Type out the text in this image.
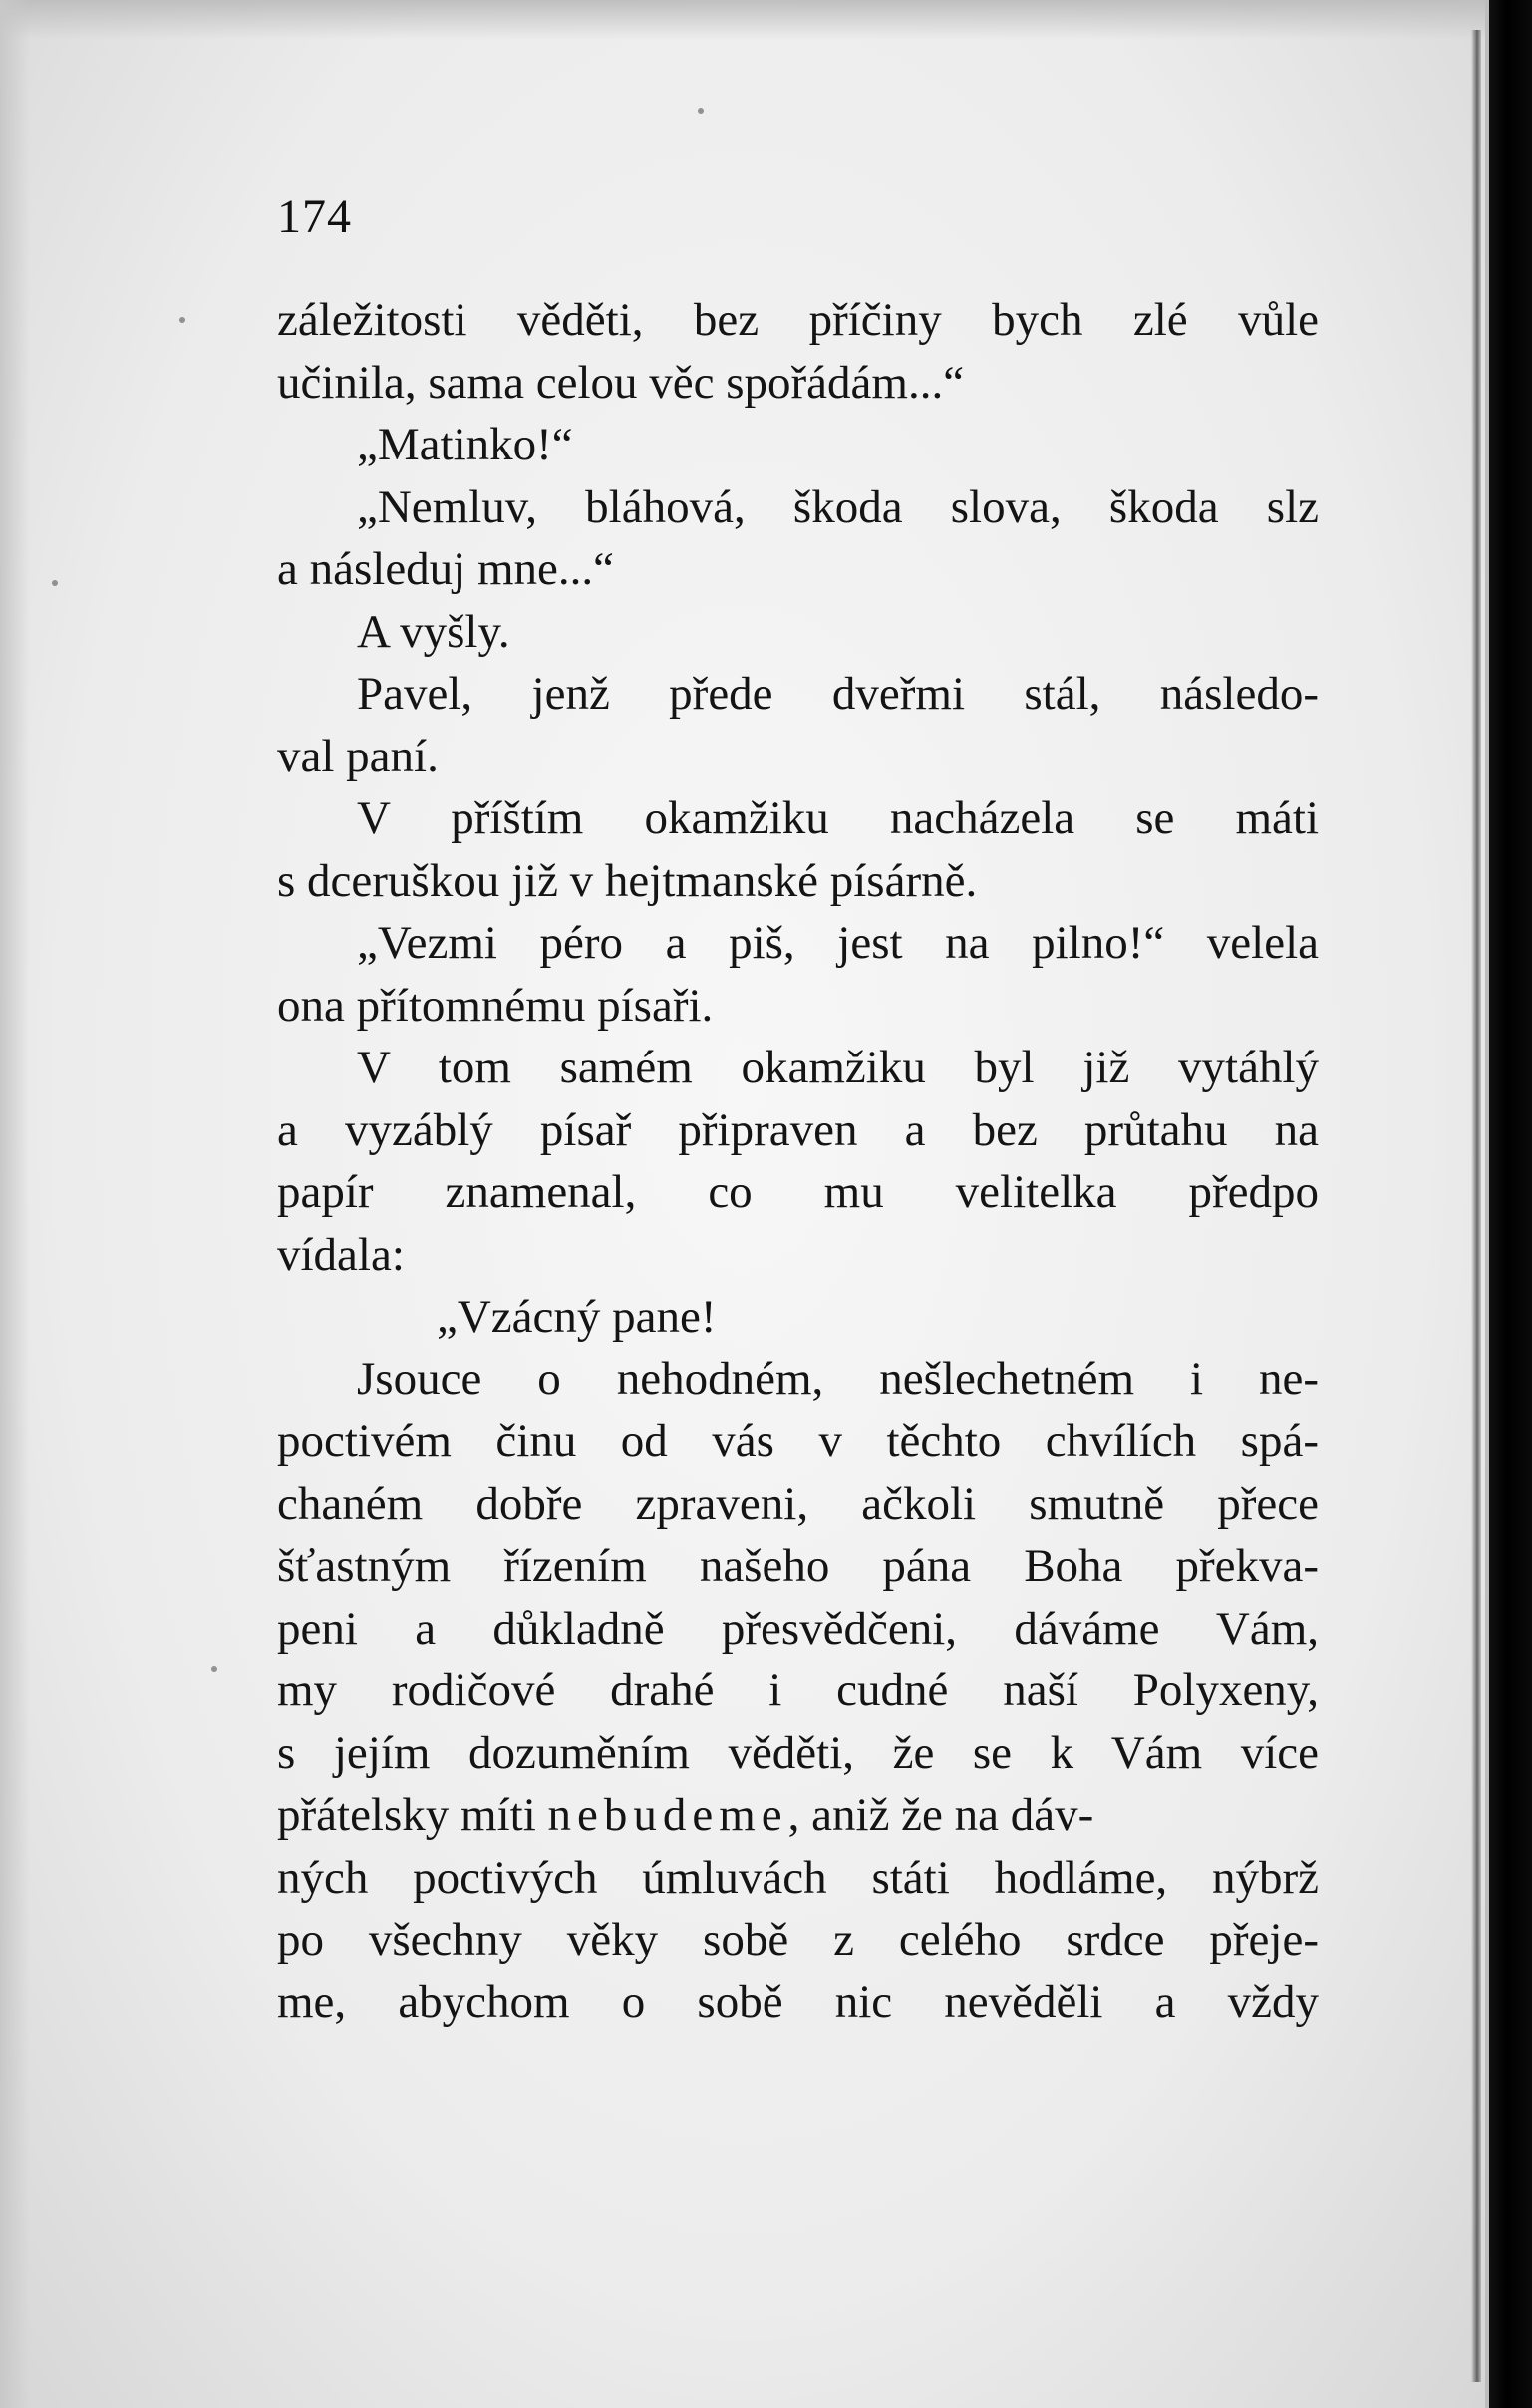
174
záležitosti věděti, bez příčiny bych zlé vůle
učinila, sama celou věc spořádám...“
„Matinko!“
„Nemluv, bláhová, škoda slova, škoda slz
a následuj mne...“
A vyšly.
Pavel, jenž přede dveřmi stál, následo-
val paní.
V příštím okamžiku nacházela se máti
s dceruškou již v hejtmanské písárně.
„Vezmi péro a piš, jest na pilno!“ velela
ona přítomnému písaři.
V tom samém okamžiku byl již vytáhlý
a vyzáblý písař připraven a bez průtahu na
papír znamenal, co mu velitelka předpo
vídala:
„Vzácný pane!
Jsouce o nehodném, nešlechetném i ne-
poctivém činu od vás v těchto chvílích spá-
chaném dobře zpraveni, ačkoli smutně přece
šťastným řízením našeho pána Boha překva-
peni a důkladně přesvědčeni, dáváme Vám,
my rodičové drahé i cudné naší Polyxeny,
s jejím dozuměním věděti, že se k Vám více
přátelsky míti nebudeme, aniž že na dáv-
ných poctivých úmluvách státi hodláme, nýbrž
po všechny věky sobě z celého srdce přeje-
me, abychom o sobě nic nevěděli a vždy
